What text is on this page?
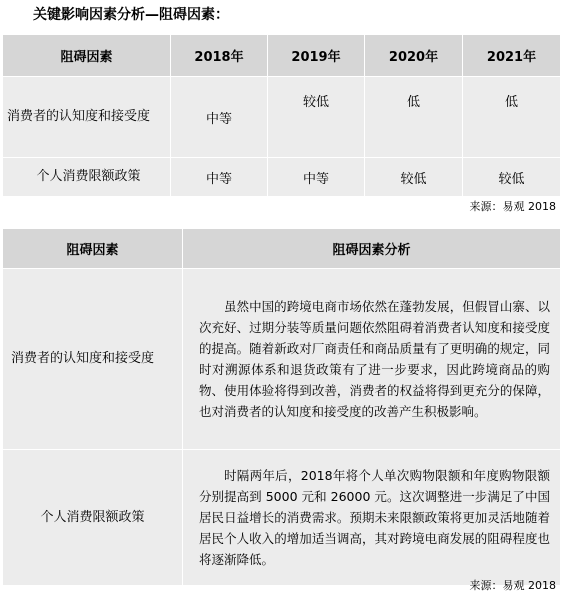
关键影响因素分析—阻碍因素：
阻碍因素	2018年	2019年	2020年	2021年
消费者的认知度和接受度	中等	较低	低	低
个人消费限额政策	中等	中等	较低	较低
来源：易观 2018
阻碍因素	阻碍因素分析
消费者的认知度和接受度	虽然中国的跨境电商市场依然在蓬勃发展，但假冒山寨、以次充好、过期分装等质量问题依然阻碍着消费者认知度和接受度的提高。随着新政对厂商责任和商品质量有了更明确的规定，同时对溯源体系和退货政策有了进一步要求，因此跨境商品的购物、使用体验将得到改善，消费者的权益将得到更充分的保障，也对消费者的认知度和接受度的改善产生积极影响。
个人消费限额政策	时隔两年后，2018年将个人单次购物限额和年度购物限额分别提高到 5000 元和 26000 元。这次调整进一步满足了中国居民日益增长的消费需求。预期未来限额政策将更加灵活地随着居民个人收入的增加适当调高，其对跨境电商发展的阻碍程度也将逐渐降低。
来源：易观 2018
